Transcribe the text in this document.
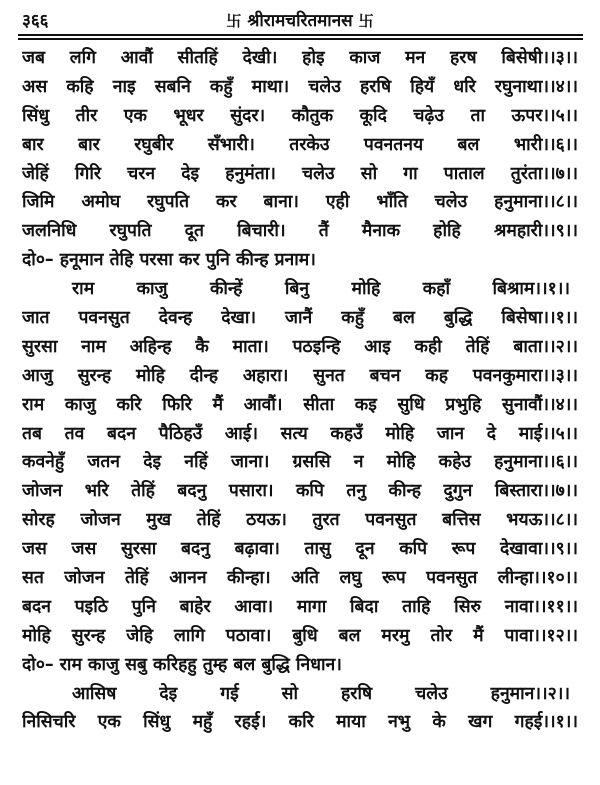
३६६	卐 श्रीरामचरितमानस 卐
जब लगि आवौं सीतहिं देखी। होइ काज मन हरष बिसेषी।।३।।
अस कहि नाइ सबनि कहुँ माथा। चलेउ हरषि हियँ धरि रघुनाथा।।४।।
सिंधु तीर एक भूधर सुंदर। कौतुक कूदि चढ़ेउ ता ऊपर।।५।।
बार बार रघुबीर सँभारी। तरकेउ पवनतनय बल भारी।।६।।
जेहिं गिरि चरन देइ हनुमंता। चलेउ सो गा पाताल तुरंता।।७।।
जिमि अमोघ रघुपति कर बाना। एही भाँति चलेउ हनुमाना।।८।।
जलनिधि रघुपति दूत बिचारी। तैं मैनाक होहि श्रमहारी।।९।।
दो०– हनूमान तेहि परसा कर पुनि कीन्ह प्रनाम।
राम काजु कीन्हें बिनु मोहि कहाँ बिश्राम।।१।।
जात पवनसुत देवन्ह देखा। जानैं कहुँ बल बुद्धि बिसेषा।।१।।
सुरसा नाम अहिन्ह कै माता। पठइन्हि आइ कही तेहिं बाता।।२।।
आजु सुरन्ह मोहि दीन्ह अहारा। सुनत बचन कह पवनकुमारा।।३।।
राम काजु करि फिरि मैं आवौं। सीता कइ सुधि प्रभुहि सुनावौं।।४।।
तब तव बदन पैठिहउँ आई। सत्य कहउँ मोहि जान दे माई।।५।।
कवनेहुँ जतन देइ नहिं जाना। ग्रससि न मोहि कहेउ हनुमाना।।६।।
जोजन भरि तेहिं बदनु पसारा। कपि तनु कीन्ह दुगुन बिस्तारा।।७।।
सोरह जोजन मुख तेहिं ठयऊ। तुरत पवनसुत बत्तिस भयऊ।।८।।
जस जस सुरसा बदनु बढ़ावा। तासु दून कपि रूप देखावा।।९।।
सत जोजन तेहिं आनन कीन्हा। अति लघु रूप पवनसुत लीन्हा।।१०।।
बदन पइठि पुनि बाहेर आवा। मागा बिदा ताहि सिरु नावा।।११।।
मोहि सुरन्ह जेहि लागि पठावा। बुधि बल मरमु तोर मैं पावा।।१२।।
दो०– राम काजु सबु करिहहु तुम्ह बल बुद्धि निधान।
आसिष देइ गई सो हरषि चलेउ हनुमान।।२।।
निसिचरि एक सिंधु महुँ रहई। करि माया नभु के खग गहई।।१।।
